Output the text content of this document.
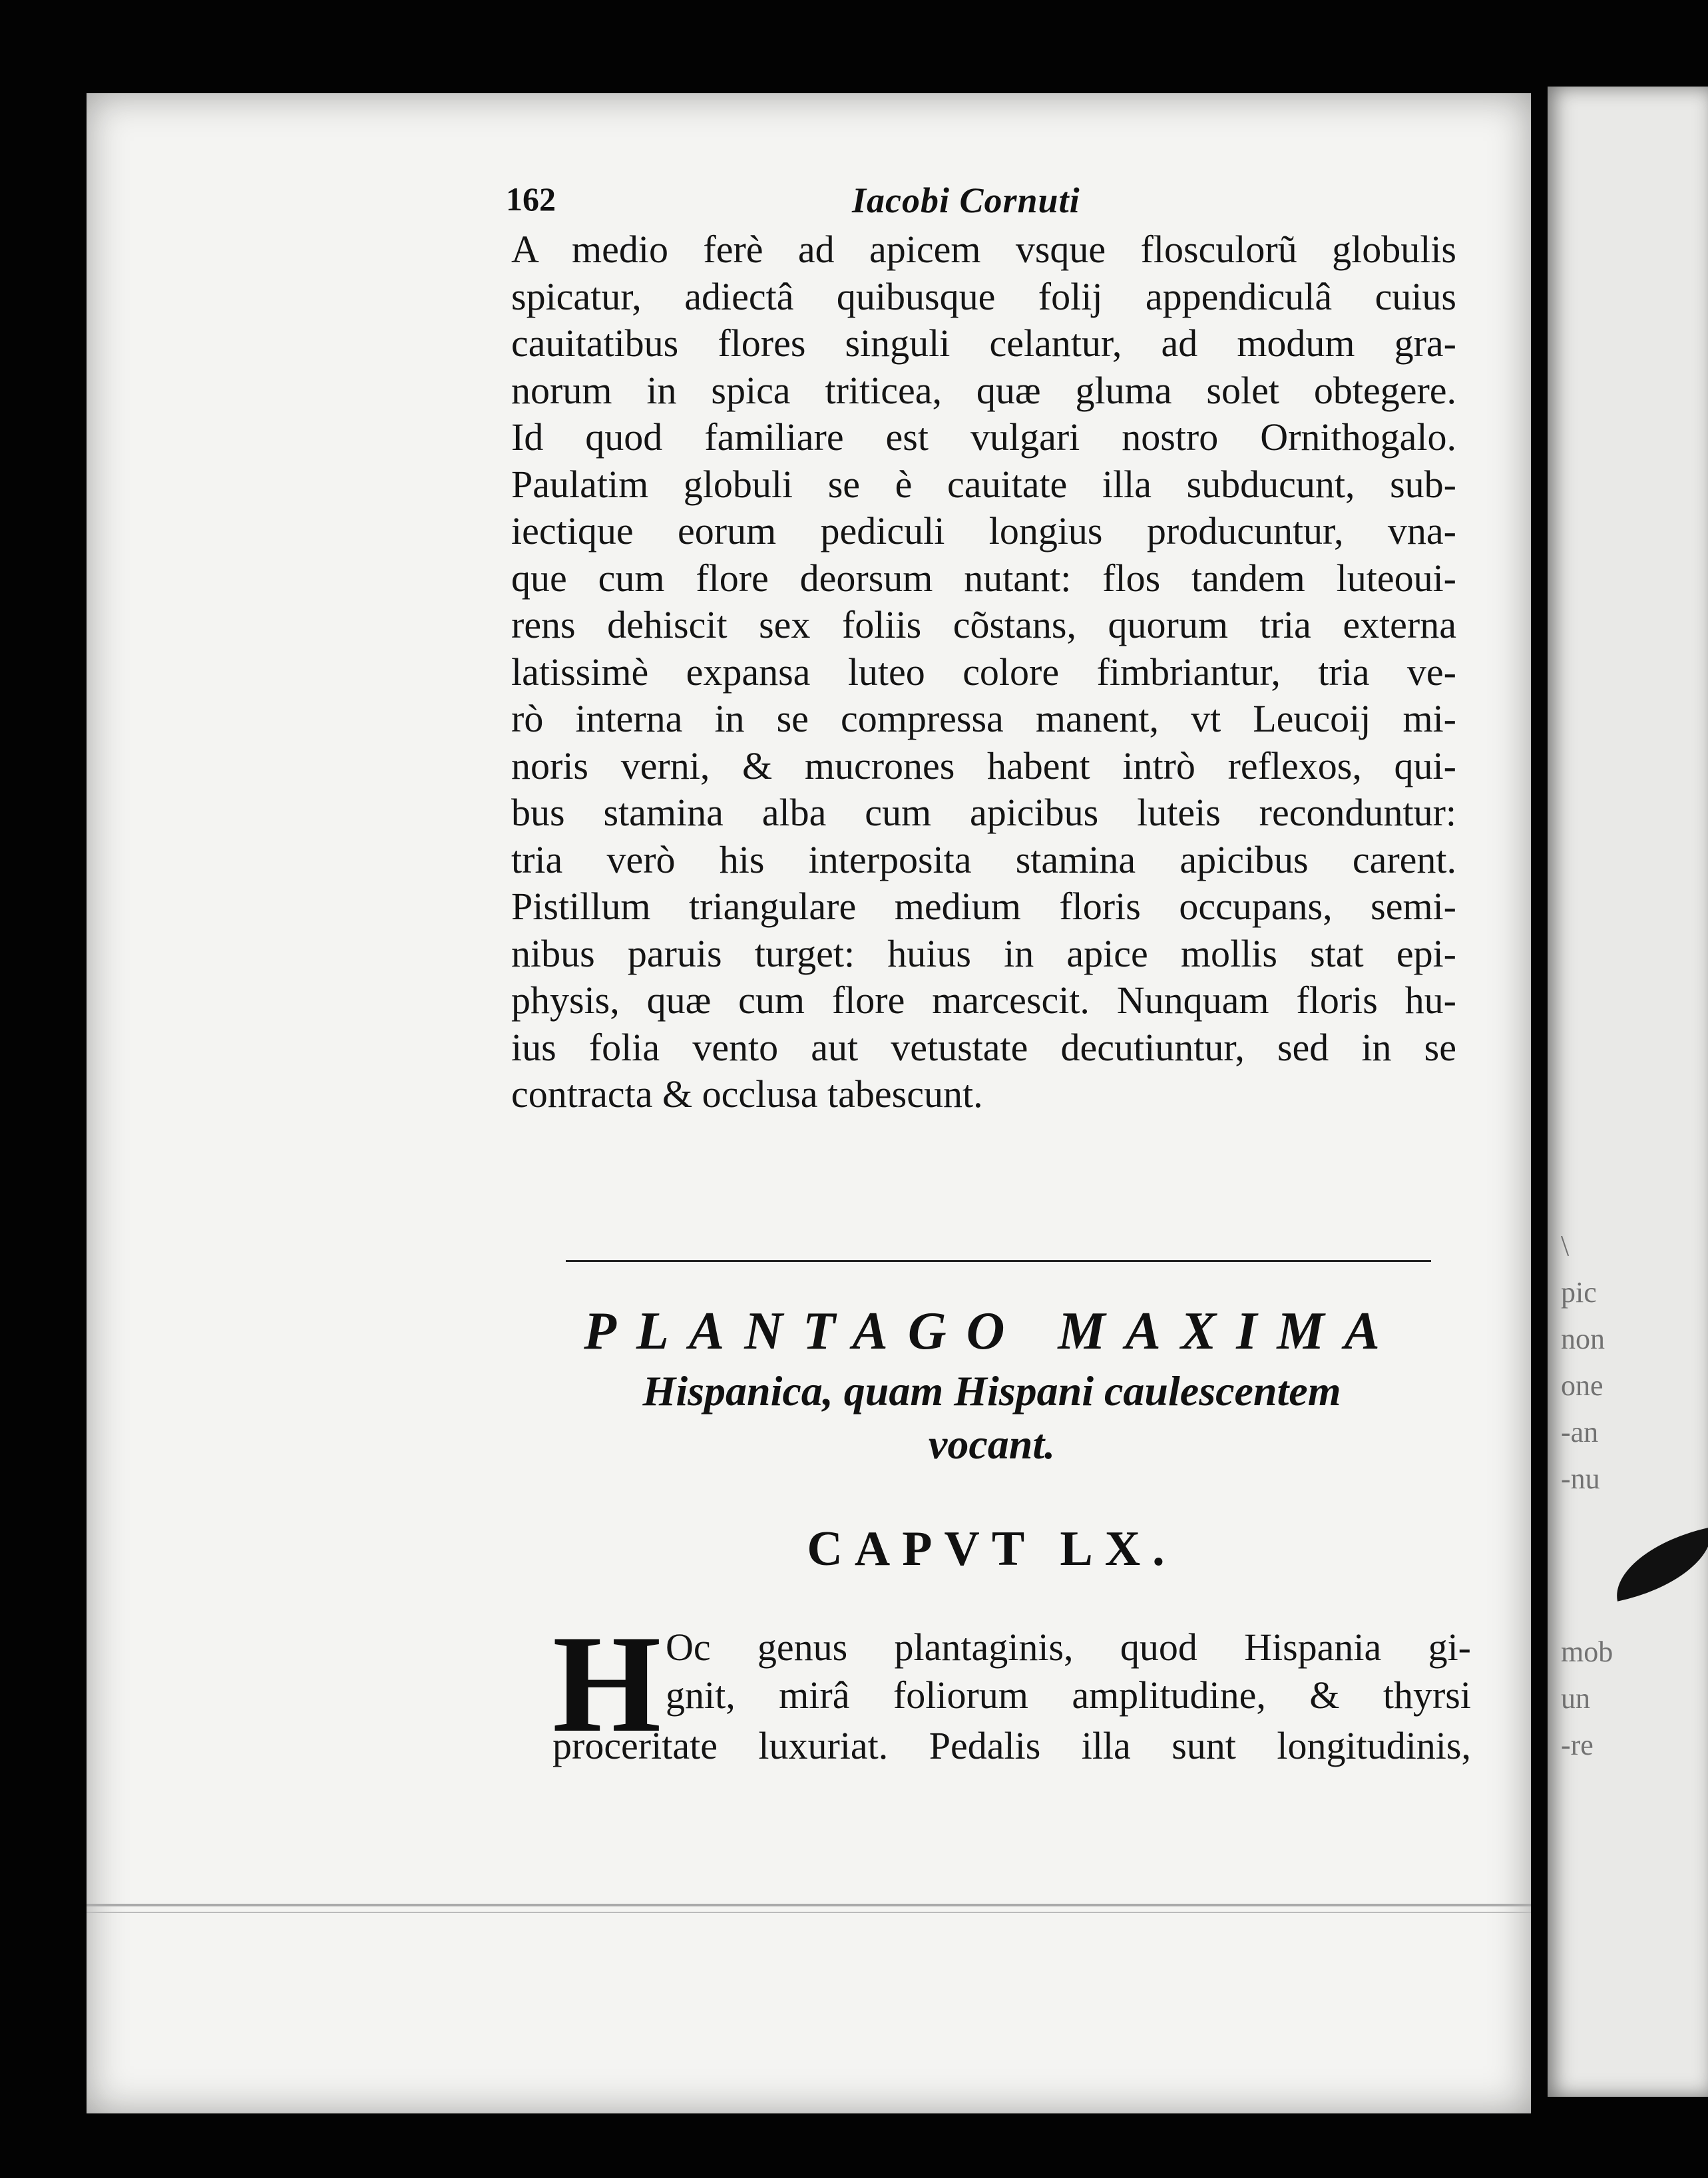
\
pic
non
one
-an
-nu
mob
un
-re
162	Iacobi Cornuti
A medio ferè ad apicem vsque flosculorũ globulis
spicatur, adiectâ quibusque folij appendiculâ cuius
cauitatibus flores singuli celantur, ad modum gra-
norum in spica triticea, quæ gluma solet obtegere.
Id quod familiare est vulgari nostro Ornithogalo.
Paulatim globuli se è cauitate illa subducunt, sub-
iectique eorum pediculi longius producuntur, vna-
que cum flore deorsum nutant: flos tandem luteoui-
rens dehiscit sex foliis cõstans, quorum tria externa
latissimè expansa luteo colore fimbriantur, tria ve-
rò interna in se compressa manent, vt Leucoij mi-
noris verni, & mucrones habent intrò reflexos, qui-
bus stamina alba cum apicibus luteis reconduntur:
tria verò his interposita stamina apicibus carent.
Pistillum triangulare medium floris occupans, semi-
nibus paruis turget: huius in apice mollis stat epi-
physis, quæ cum flore marcescit. Nunquam floris hu-
ius folia vento aut vetustate decutiuntur, sed in se
contracta & occlusa tabescunt.
PLANTAGO MAXIMA
Hispanica, quam Hispani caulescentem
vocant.
CAPVT LX.
H Oc genus plantaginis, quod Hispania gi-
gnit, mirâ foliorum amplitudine, & thyrsi
proceritate luxuriat. Pedalis illa sunt longitudinis,
